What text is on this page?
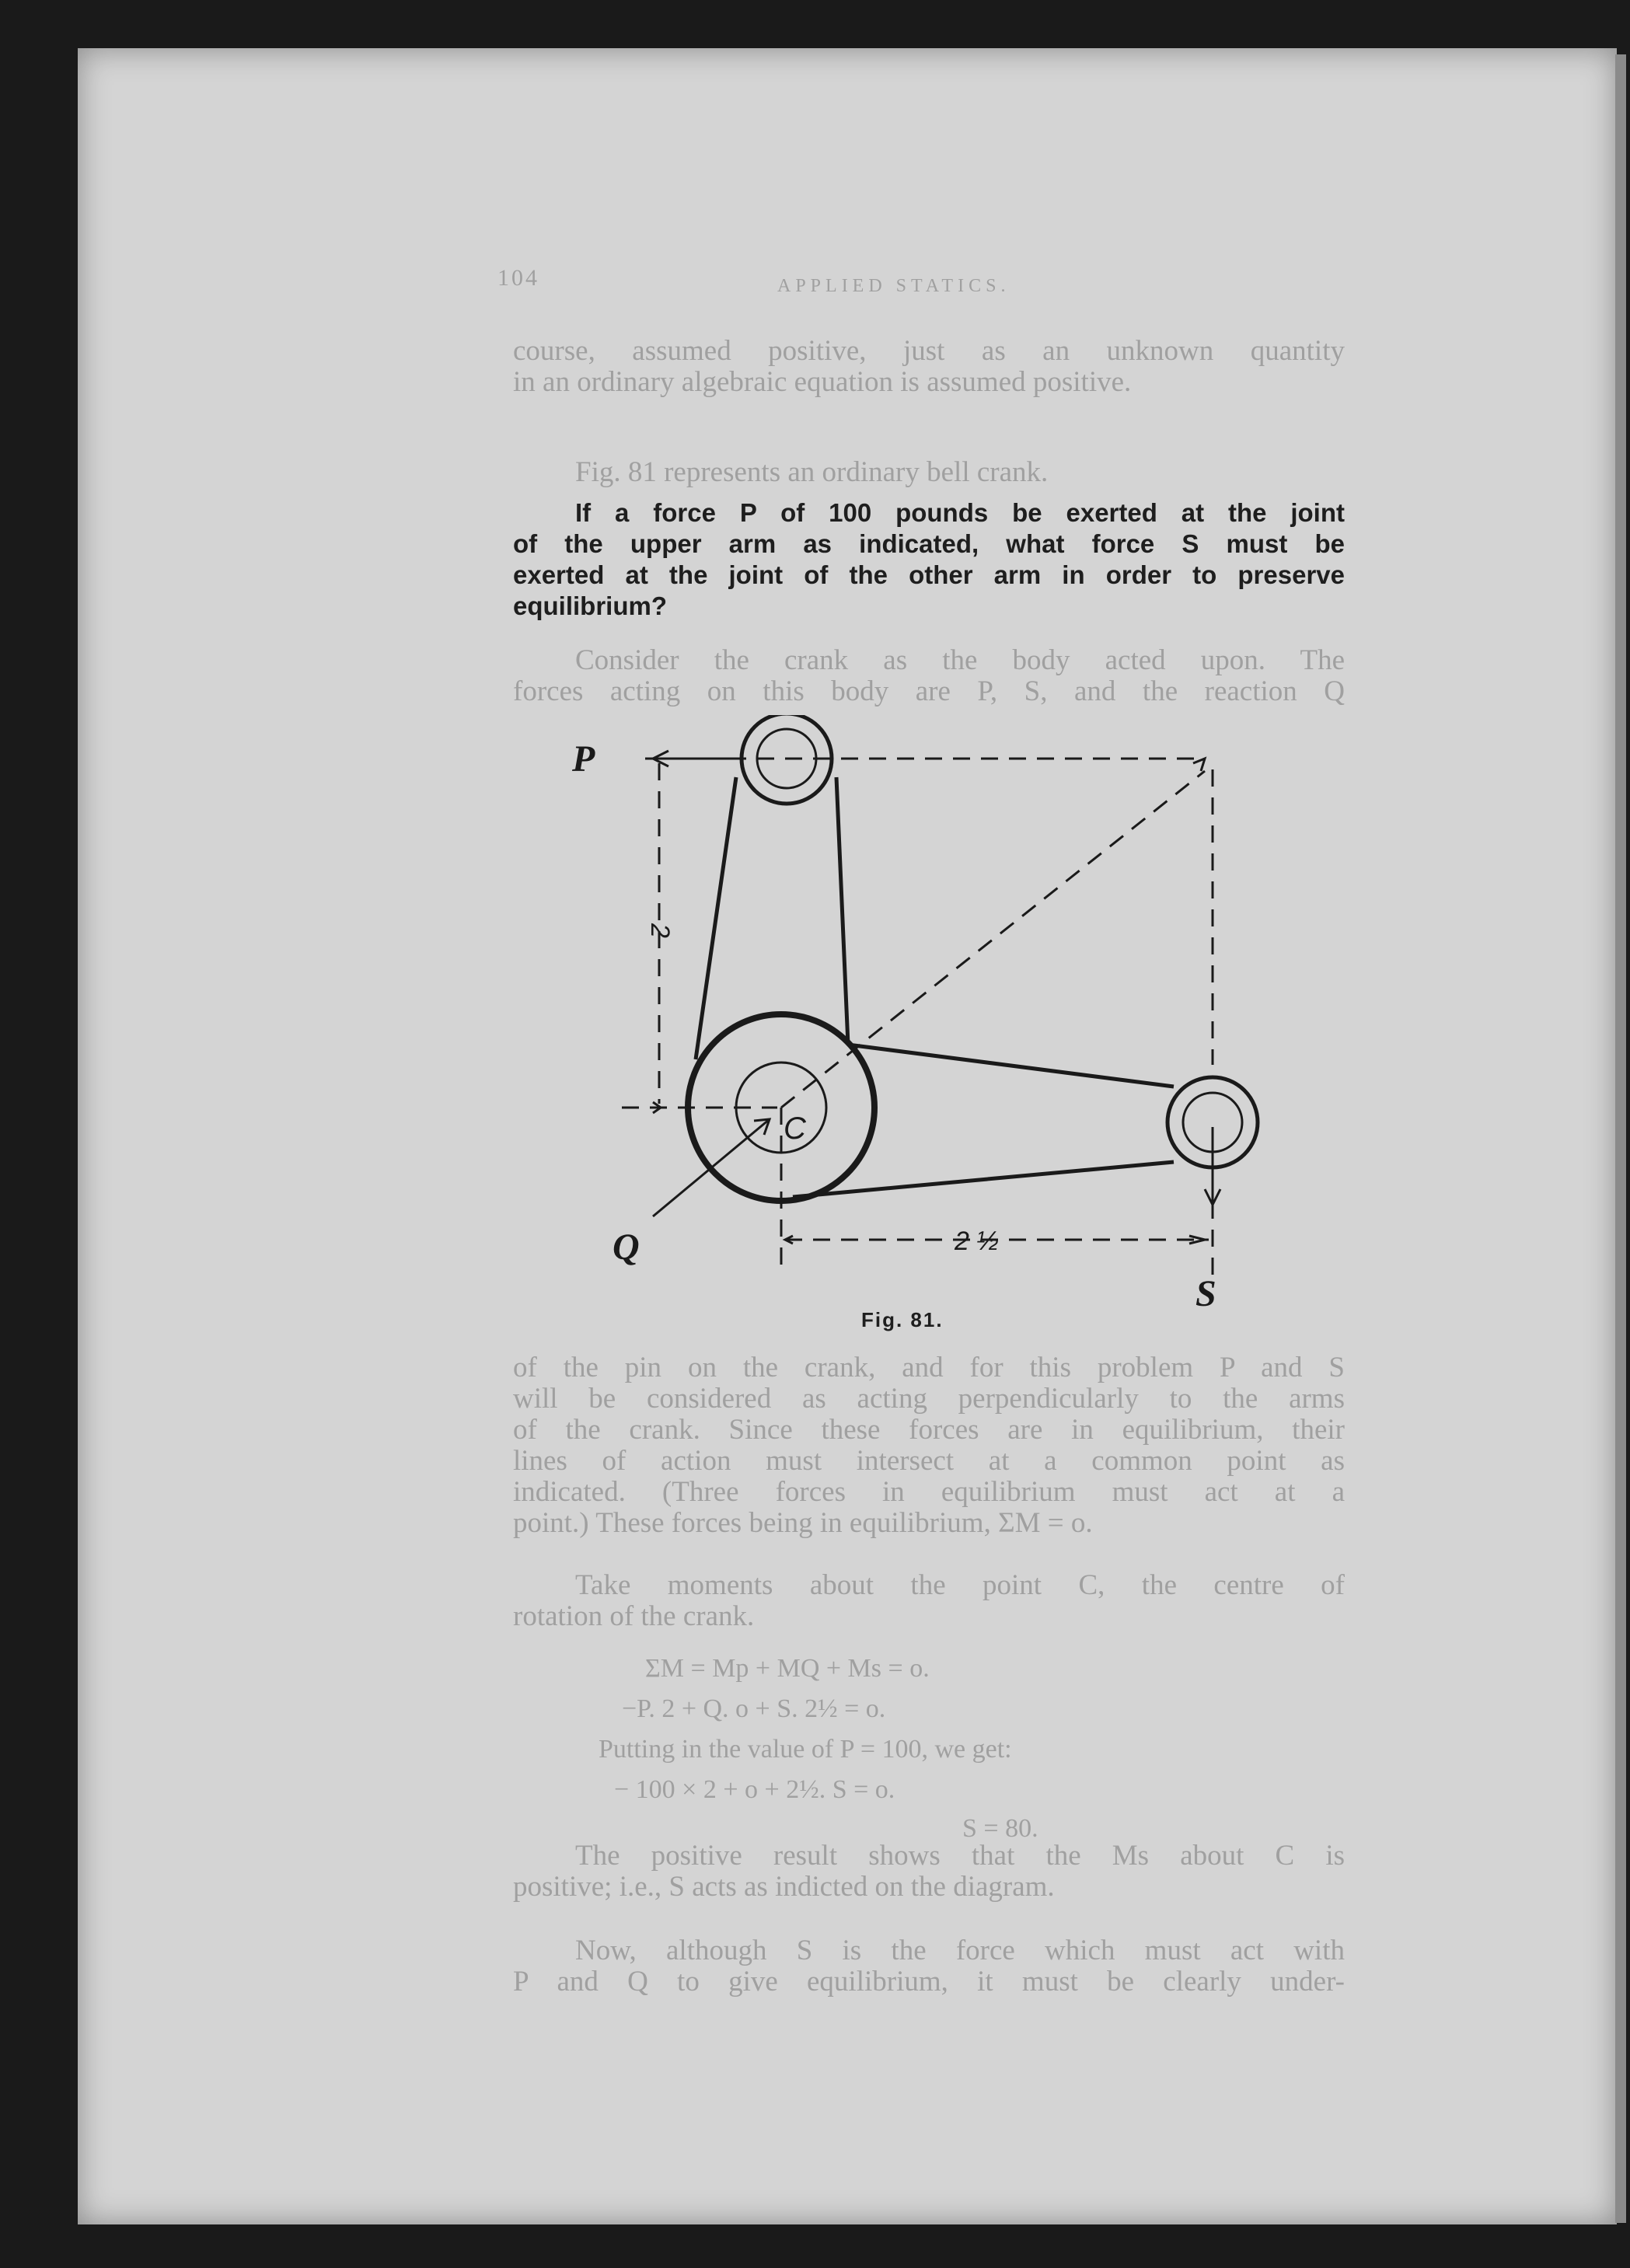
104	APPLIED STATICS.
course, assumed positive, just as an unknown quantity
in an ordinary algebraic equation is assumed positive.
Fig. 81 represents an ordinary bell crank.
If a force P of 100 pounds be exerted at the joint
of the upper arm as indicated, what force S must be
exerted at the joint of the other arm in order to preserve
equilibrium?
Consider the crank as the body acted upon. The
forces acting on this body are P, S, and the reaction Q
P
Q
S
C
2
2 ½
Fig. 81.
of the pin on the crank, and for this problem P and S
will be considered as acting perpendicularly to the arms
of the crank. Since these forces are in equilibrium, their
lines of action must intersect at a common point as
indicated. (Three forces in equilibrium must act at a
point.) These forces being in equilibrium, ΣM = o.
Take moments about the point C, the centre of
rotation of the crank.
ΣM = Mp + MQ + Ms = o.
−P. 2 + Q. o + S. 2½ = o.
Putting in the value of P = 100, we get:
− 100 × 2 + o + 2½. S = o.
S = 80.
The positive result shows that the Ms about C is
positive; i.e., S acts as indicted on the diagram.
Now, although S is the force which must act with
P and Q to give equilibrium, it must be clearly under-
